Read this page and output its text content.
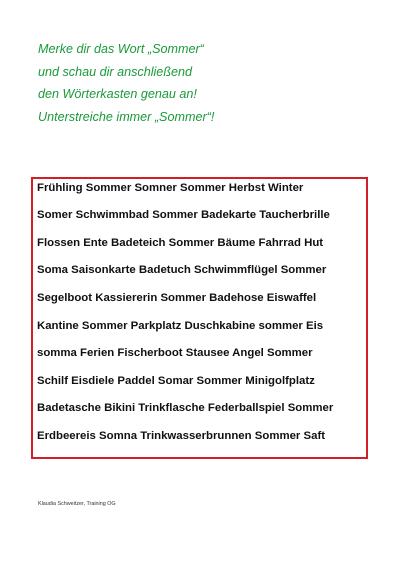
Merke dir das Wort „Sommer“
und schau dir anschließend
den Wörterkasten genau an!
Unterstreiche immer „Sommer“!
Frühling Sommer Somner Sommer Herbst Winter
Somer Schwimmbad Sommer Badekarte Taucherbrille
Flossen Ente Badeteich Sommer Bäume Fahrrad Hut
Soma Saisonkarte Badetuch Schwimmflügel Sommer
Segelboot Kassiererin Sommer Badehose Eiswaffel
Kantine Sommer Parkplatz Duschkabine sommer Eis
somma Ferien Fischerboot Stausee Angel Sommer
Schilf Eisdiele Paddel Somar Sommer Minigolfplatz
Badetasche Bikini Trinkflasche Federballspiel Sommer
Erdbeereis Somna Trinkwasserbrunnen Sommer Saft
Klaudia Schweitzer, Training OG
